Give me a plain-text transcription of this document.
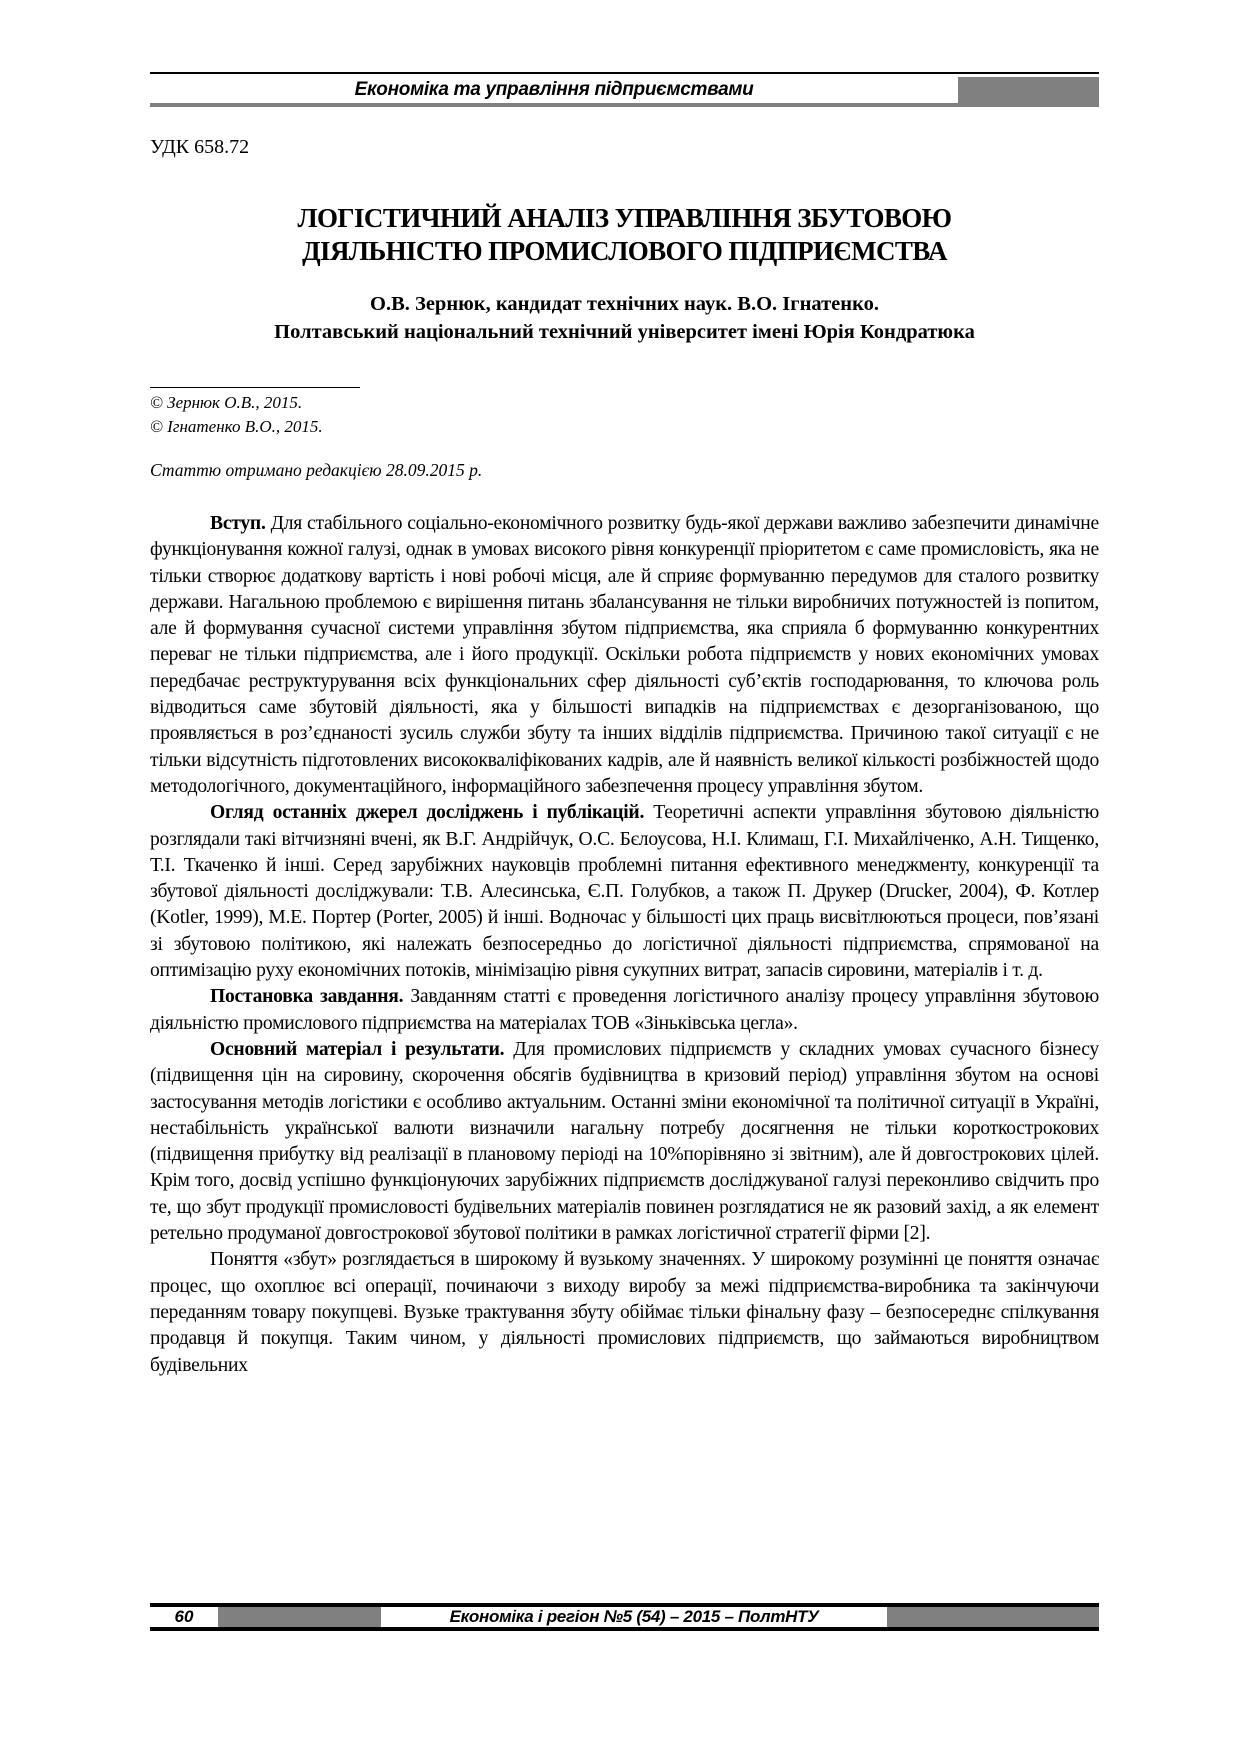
Економіка та управління підприємствами
УДК 658.72
ЛОГІСТИЧНИЙ АНАЛІЗ УПРАВЛІННЯ ЗБУТОВОЮ
ДІЯЛЬНІСТЮ ПРОМИСЛОВОГО ПІДПРИЄМСТВА
О.В. Зернюк, кандидат технічних наук. В.О. Ігнатенко.
Полтавський національний технічний університет імені Юрія Кондратюка
© Зернюк О.В., 2015.
© Ігнатенко В.О., 2015.
Статтю отримано редакцією 28.09.2015 р.

Вступ. Для стабільного соціально-економічного розвитку будь-якої держави важливо забезпечити динамічне функціонування кожної галузі, однак в умовах високого рівня конкуренції пріоритетом є саме промисловість, яка не тільки створює додаткову вартість і нові робочі місця, але й сприяє формуванню передумов для сталого розвитку держави. Нагальною проблемою є вирішення питань збалансування не тільки виробничих потужностей із попитом, але й формування сучасної системи управління збутом підприємства, яка сприяла б формуванню конкурентних переваг не тільки підприємства, але і його продукції. Оскільки робота підприємств у нових економічних умовах передбачає реструктурування всіх функціональних сфер діяльності суб’єктів господарювання, то ключова роль відводиться саме збутовій діяльності, яка у більшості випадків на підприємствах є дезорганізованою, що проявляється в роз’єднаності зусиль служби збуту та інших відділів підприємства. Причиною такої ситуації є не тільки відсутність підготовлених висококваліфікованих кадрів, але й наявність великої кількості розбіжностей щодо методологічного, документаційного, інформаційного забезпечення процесу управління збутом.

Огляд останніх джерел досліджень і публікацій. Теоретичні аспекти управління збутовою діяльністю розглядали такі вітчизняні вчені, як В.Г. Андрійчук, О.С. Бєлоусова, Н.І. Климаш, Г.І. Михайліченко, А.Н. Тищенко, Т.І. Ткаченко й інші. Серед зарубіжних науковців проблемні питання ефективного менеджменту, конкуренції та збутової діяльності досліджували: Т.В. Алесинська, Є.П. Голубков, а також П. Друкер (Drucker, 2004), Ф. Котлер (Kotler, 1999), М.Е. Портер (Porter, 2005) й інші. Водночас у більшості цих праць висвітлюються процеси, пов’язані зі збутовою політикою, які належать безпосередньо до логістичної діяльності підприємства, спрямованої на оптимізацію руху економічних потоків, мінімізацію рівня сукупних витрат, запасів сировини, матеріалів і т. д.

Постановка завдання. Завданням статті є проведення логістичного аналізу процесу управління збутовою діяльністю промислового підприємства на матеріалах ТОВ «Зіньківська цегла».

Основний матеріал і результати. Для промислових підприємств у складних умовах сучасного бізнесу (підвищення цін на сировину, скорочення обсягів будівництва в кризовий період) управління збутом на основі застосування методів логістики є особливо актуальним. Останні зміни економічної та політичної ситуації в Україні, нестабільність української валюти визначили нагальну потребу досягнення не тільки короткострокових (підвищення прибутку від реалізації в плановому періоді на 10%порівняно зі звітним), але й довгострокових цілей. Крім того, досвід успішно функціонуючих зарубіжних підприємств досліджуваної галузі переконливо свідчить про те, що збут продукції промисловості будівельних матеріалів повинен розглядатися не як разовий захід, а як елемент ретельно продуманої довгострокової збутової політики в рамках логістичної стратегії фірми [2].

Поняття «збут» розглядається в широкому й вузькому значеннях. У широкому розумінні це поняття означає процес, що охоплює всі операції, починаючи з виходу виробу за межі підприємства-виробника та закінчуючи переданням товару покупцеві. Вузьке трактування збуту обіймає тільки фінальну фазу – безпосереднє спілкування продавця й покупця. Таким чином, у діяльності промислових підприємств, що займаються виробництвом будівельних

60	Економіка і регіон №5 (54) – 2015 – ПолтНТУ
